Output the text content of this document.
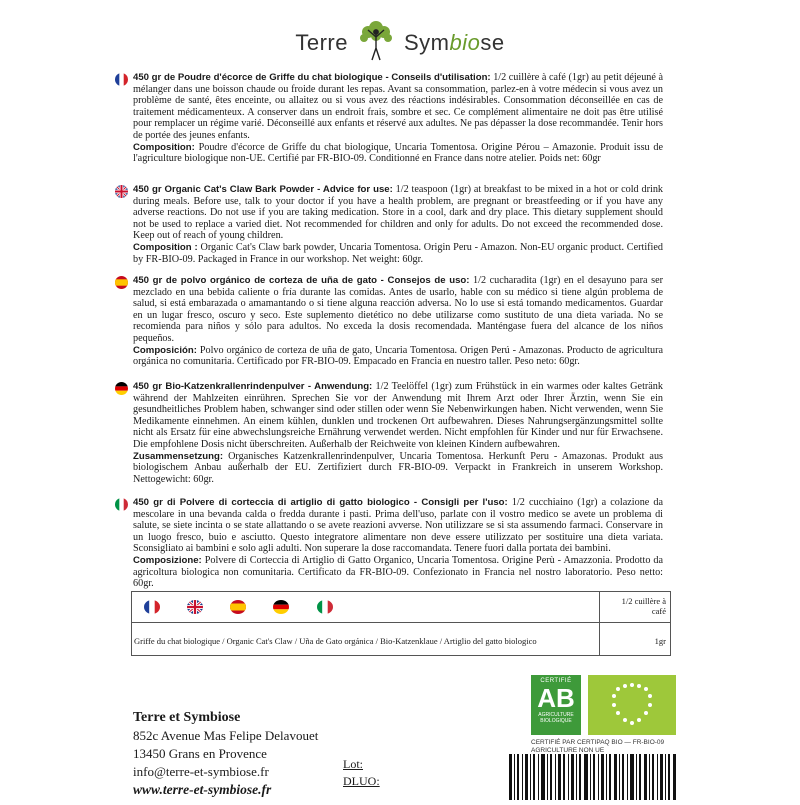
Terre	Symbiose
450 gr de Poudre d'écorce de Griffe du chat biologique - Conseils d'utilisation: 1/2 cuillère à café (1gr) au petit déjeuné à mélanger dans une boisson chaude ou froide durant les repas. Avant sa consommation, parlez-en à votre médecin si vous avez un problème de santé, êtes enceinte, ou allaitez ou si vous avez des réactions indésirables. Consommation déconseillée en cas de traitement médicamenteux. A conserver dans un endroit frais, sombre et sec. Ce complément alimentaire ne doit pas être utilisé pour remplacer un régime varié. Déconseillé aux enfants et réservé aux adultes. Ne pas dépasser la dose recommandée. Tenir hors de portée des jeunes enfants.
Composition: Poudre d'écorce de Griffe du chat biologique, Uncaria Tomentosa. Origine Pérou – Amazonie. Produit issu de l'agriculture biologique non-UE. Certifié par FR-BIO-09. Conditionné en France dans notre atelier. Poids net: 60gr
450 gr Organic Cat's Claw Bark Powder - Advice for use: 1/2 teaspoon (1gr) at breakfast to be mixed in a hot or cold drink during meals. Before use, talk to your doctor if you have a health problem, are pregnant or breastfeeding or if you have any adverse reactions. Do not use if you are taking medication. Store in a cool, dark and dry place. This dietary supplement should not be used to replace a varied diet. Not recommended for children and only for adults. Do not exceed the recommended dose. Keep out of reach of young children.
Composition : Organic Cat's Claw bark powder, Uncaria Tomentosa. Origin Peru - Amazon. Non-EU organic product. Certified by FR-BIO-09. Packaged in France in our workshop. Net weight: 60gr.
450 gr de polvo orgánico de corteza de uña de gato - Consejos de uso: 1/2 cucharadita (1gr) en el desayuno para ser mezclado en una bebida caliente o fría durante las comidas. Antes de usarlo, hable con su médico si tiene algún problema de salud, si está embarazada o amamantando o si tiene alguna reacción adversa. No lo use si está tomando medicamentos. Guardar en un lugar fresco, oscuro y seco. Este suplemento dietético no debe utilizarse como sustituto de una dieta variada. No se recomienda para niños y sólo para adultos. No exceda la dosis recomendada. Manténgase fuera del alcance de los niños pequeños.
Composición: Polvo orgánico de corteza de uña de gato, Uncaria Tomentosa. Origen Perú - Amazonas. Producto de agricultura orgánica no comunitaria. Certificado por FR-BIO-09. Empacado en Francia en nuestro taller. Peso neto: 60gr.
450 gr Bio-Katzenkrallenrindenpulver - Anwendung: 1/2 Teelöffel (1gr) zum Frühstück in ein warmes oder kaltes Getränk während der Mahlzeiten einrühren. Sprechen Sie vor der Anwendung mit Ihrem Arzt oder Ihrer Ärztin, wenn Sie ein gesundheitliches Problem haben, schwanger sind oder stillen oder wenn Sie Nebenwirkungen haben. Nicht verwenden, wenn Sie Medikamente einnehmen. An einem kühlen, dunklen und trockenen Ort aufbewahren. Dieses Nahrungsergänzungsmittel sollte nicht als Ersatz für eine abwechslungsreiche Ernährung verwendet werden. Nicht empfohlen für Kinder und nur für Erwachsene. Die empfohlene Dosis nicht überschreiten. Außerhalb der Reichweite von kleinen Kindern aufbewahren.
Zusammensetzung: Organisches Katzenkrallenrindenpulver, Uncaria Tomentosa. Herkunft Peru - Amazonas. Produkt aus biologischem Anbau außerhalb der EU. Zertifiziert durch FR-BIO-09. Verpackt in Frankreich in unserem Workshop. Nettogewicht: 60gr.
450 gr di Polvere di corteccia di artiglio di gatto biologico - Consigli per l'uso: 1/2 cucchiaino (1gr) a colazione da mescolare in una bevanda calda o fredda durante i pasti. Prima dell'uso, parlate con il vostro medico se avete un problema di salute, se siete incinta o se state allattando o se avete reazioni avverse. Non utilizzare se si sta assumendo farmaci. Conservare in un luogo fresco, buio e asciutto. Questo integratore alimentare non deve essere utilizzato per sostituire una dieta variata. Sconsigliato ai bambini e solo agli adulti. Non superare la dose raccomandata. Tenere fuori dalla portata dei bambini.
Composizione: Polvere di Corteccia di Artiglio di Gatto Organico, Uncaria Tomentosa. Origine Perù - Amazzonia. Prodotto da agricoltura biologica non comunitaria. Certificato da FR-BIO-09. Confezionato in Francia nel nostro laboratorio. Peso netto: 60gr.

1/2 cuillère à café
Griffe du chat biologique / Organic Cat's Claw / Uña de Gato orgánica / Bio-Katzenklaue / Artiglio del gatto biologico	1gr
Terre et Symbiose
852c Avenue Mas Felipe Delavouet
13450 Grans en Provence
info@terre-et-symbiose.fr
www.terre-et-symbiose.fr
Lot:
DLUO:
CERTIFIÉ
AB
AGRICULTURE BIOLOGIQUE
CERTIFIÉ PAR CERTIPAQ BIO — FR-BIO-09
AGRICULTURE NON UE
